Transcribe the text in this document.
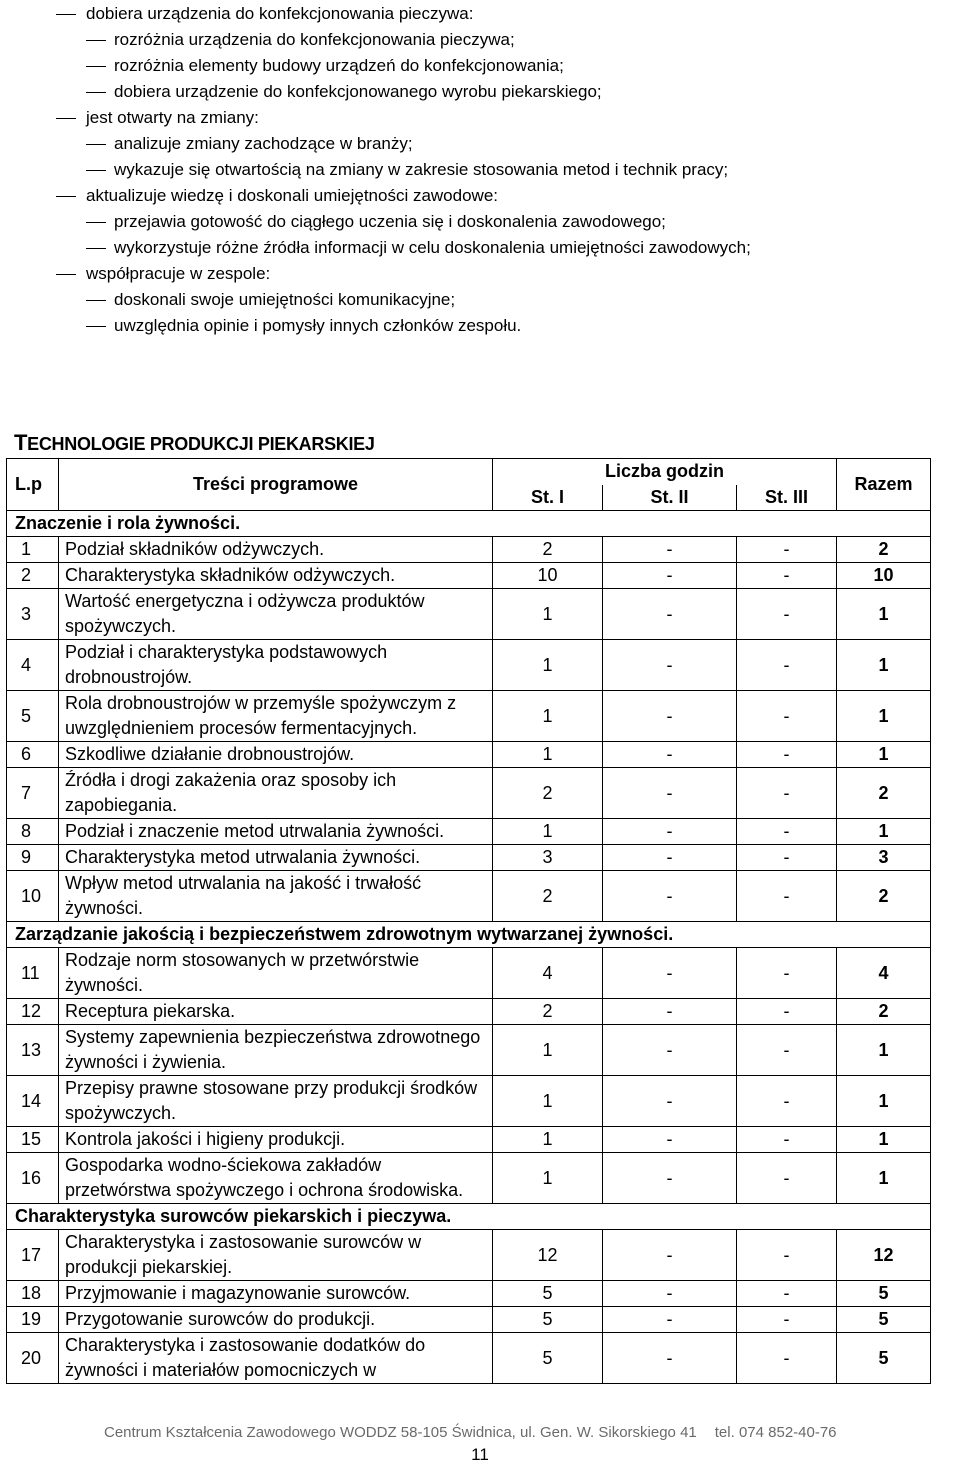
dobiera urządzenia do konfekcjonowania pieczywa:
rozróżnia urządzenia do konfekcjonowania pieczywa;
rozróżnia elementy budowy urządzeń do konfekcjonowania;
dobiera urządzenie do konfekcjonowanego wyrobu piekarskiego;
jest otwarty na zmiany:
analizuje zmiany zachodzące w branży;
wykazuje się otwartością na zmiany w zakresie stosowania metod i technik pracy;
aktualizuje wiedzę i doskonali umiejętności zawodowe:
przejawia gotowość do ciągłego uczenia się i doskonalenia zawodowego;
wykorzystuje różne źródła informacji w celu doskonalenia umiejętności zawodowych;
współpracuje w zespole:
doskonali swoje umiejętności komunikacyjne;
uwzględnia opinie i pomysły innych członków zespołu.
TECHNOLOGIE PRODUKCJI PIEKARSKIEJ
L.p	Treści programowe	Liczba godzin			Razem
		St. I	St. II	St. III	
Znaczenie i rola żywności.					
1	Podział składników odżywczych.	2	-	-	2
2	Charakterystyka składników odżywczych.	10	-	-	10
3	Wartość energetyczna i odżywcza produktów spożywczych.	1	-	-	1
4	Podział i charakterystyka podstawowych drobnoustrojów.	1	-	-	1
5	Rola drobnoustrojów w przemyśle spożywczym z uwzględnieniem procesów fermentacyjnych.	1	-	-	1
6	Szkodliwe działanie drobnoustrojów.	1	-	-	1
7	Źródła i drogi zakażenia oraz sposoby ich zapobiegania.	2	-	-	2
8	Podział i znaczenie metod utrwalania żywności.	1	-	-	1
9	Charakterystyka metod utrwalania żywności.	3	-	-	3
10	Wpływ metod utrwalania na jakość i trwałość żywności.	2	-	-	2
Zarządzanie jakością i bezpieczeństwem zdrowotnym wytwarzanej żywności.					
11	Rodzaje norm stosowanych w przetwórstwie żywności.	4	-	-	4
12	Receptura piekarska.	2	-	-	2
13	Systemy zapewnienia bezpieczeństwa zdrowotnego żywności i żywienia.	1	-	-	1
14	Przepisy prawne stosowane przy produkcji środków spożywczych.	1	-	-	1
15	Kontrola jakości i higieny produkcji.	1	-	-	1
16	Gospodarka wodno-ściekowa zakładów przetwórstwa spożywczego i ochrona środowiska.	1	-	-	1
Charakterystyka surowców piekarskich i pieczywa.					
17	Charakterystyka i zastosowanie surowców w produkcji piekarskiej.	12	-	-	12
18	Przyjmowanie i magazynowanie surowców.	5	-	-	5
19	Przygotowanie surowców do produkcji.	5	-	-	5
20	Charakterystyka i zastosowanie dodatków do żywności i materiałów pomocniczych w	5	-	-	5
Centrum Kształcenia Zawodowego WODDZ 58-105 Świdnica, ul. Gen. W. Sikorskiego 41 tel. 074 852-40-76
11
